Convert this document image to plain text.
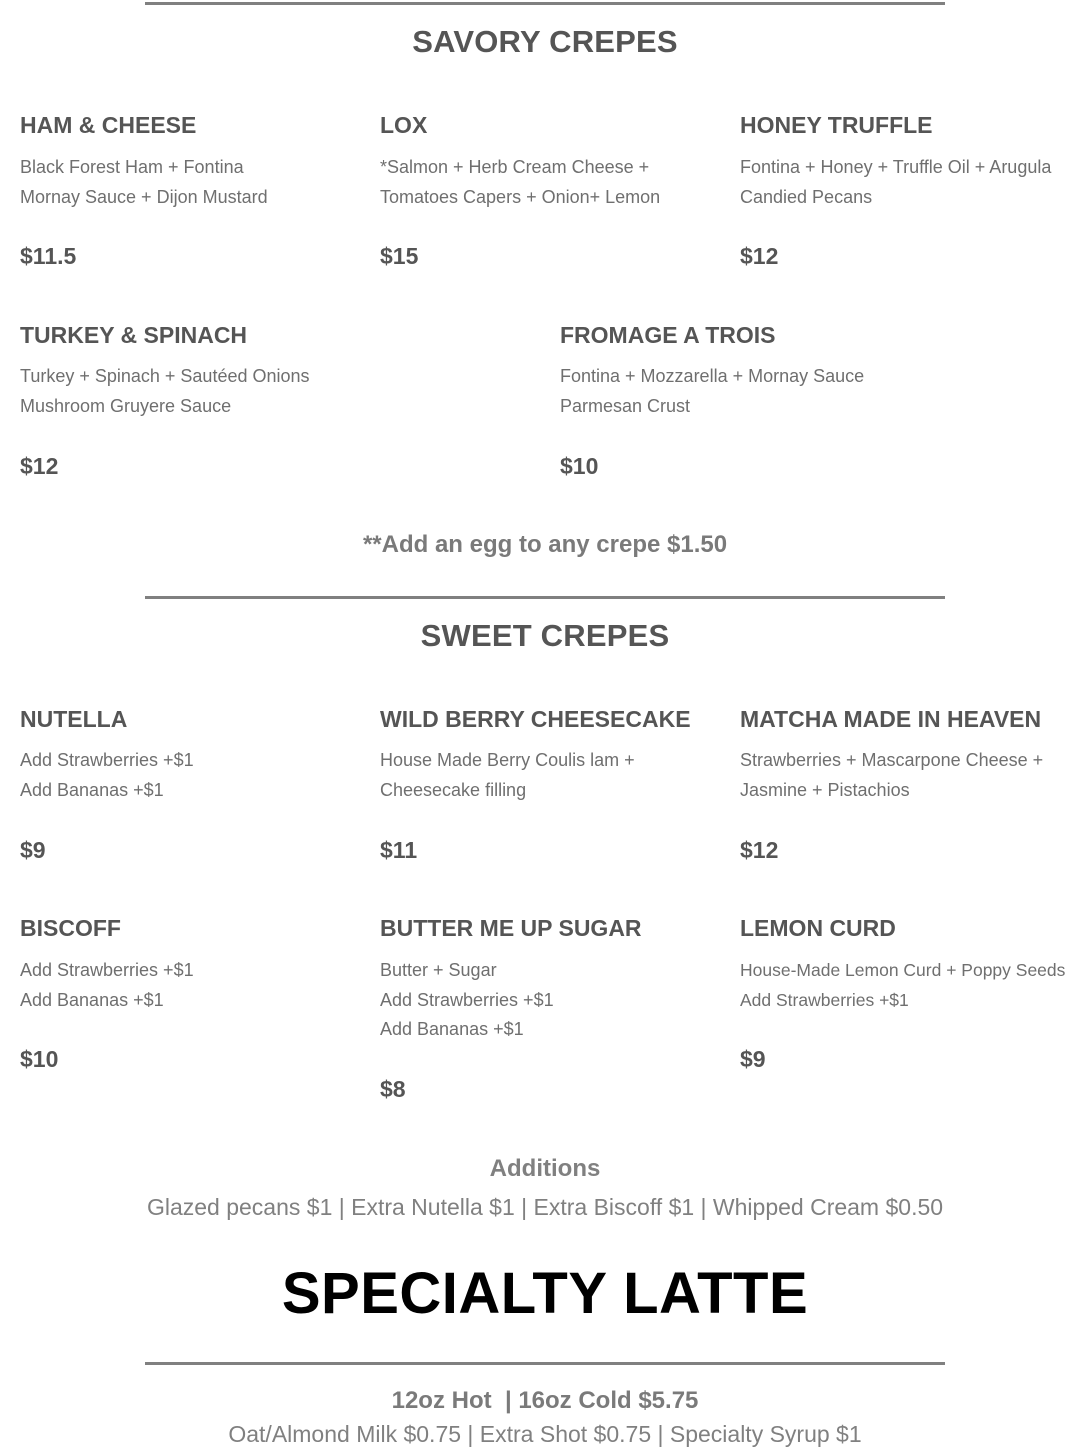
SAVORY CREPES
HAM & CHEESE
Black Forest Ham + Fontina
Mornay Sauce + Dijon Mustard
$11.5
LOX
*Salmon + Herb Cream Cheese +
Tomatoes Capers + Onion+ Lemon
$15
HONEY TRUFFLE
Fontina + Honey + Truffle Oil + Arugula
Candied Pecans
$12
TURKEY & SPINACH
Turkey + Spinach + Sautéed Onions
Mushroom Gruyere Sauce
$12
FROMAGE A TROIS
Fontina + Mozzarella + Mornay Sauce
Parmesan Crust
$10
**Add an egg to any crepe $1.50
SWEET CREPES
NUTELLA
Add Strawberries +$1
Add Bananas +$1
$9
WILD BERRY CHEESECAKE
House Made Berry Coulis lam +
Cheesecake filling
$11
MATCHA MADE IN HEAVEN
Strawberries + Mascarpone Cheese +
Jasmine + Pistachios
$12
BISCOFF
Add Strawberries +$1
Add Bananas +$1
$10
BUTTER ME UP SUGAR
Butter + Sugar
Add Strawberries +$1
Add Bananas +$1
$8
LEMON CURD
House-Made Lemon Curd + Poppy Seeds
Add Strawberries +$1
$9
Additions
Glazed pecans $1 | Extra Nutella $1 | Extra Biscoff $1 | Whipped Cream $0.50
SPECIALTY LATTE
12oz Hot  | 16oz Cold $5.75
Oat/Almond Milk $0.75 | Extra Shot $0.75 | Specialty Syrup $1
